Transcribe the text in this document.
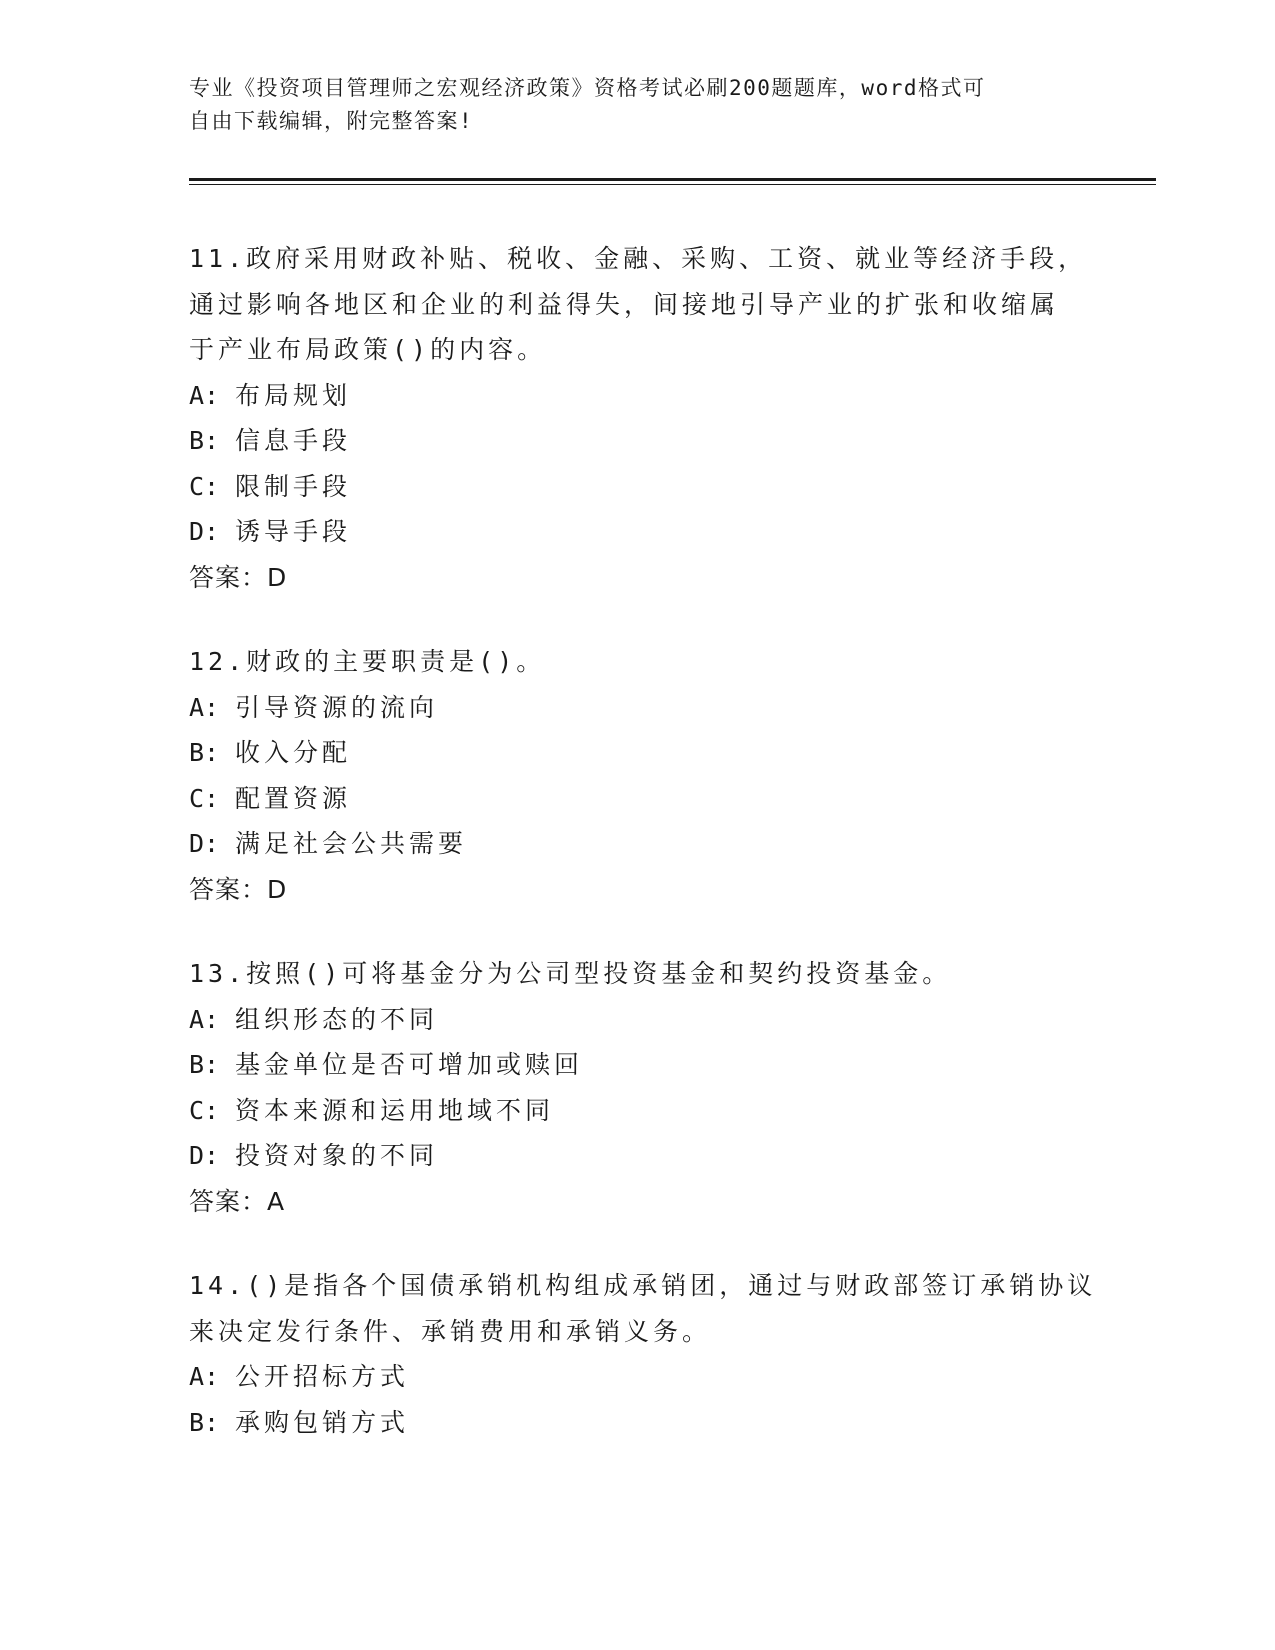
专业《投资项目管理师之宏观经济政策》资格考试必刷200题题库，word格式可

自由下载编辑，附完整答案!

11.政府采用财政补贴、税收、金融、采购、工资、就业等经济手段，

通过影响各地区和企业的利益得失，间接地引导产业的扩张和收缩属

于产业布局政策()的内容。

A: 布局规划

B: 信息手段

C: 限制手段

D: 诱导手段

答案：D

12.财政的主要职责是()。

A: 引导资源的流向

B: 收入分配

C: 配置资源

D: 满足社会公共需要

答案：D

13.按照()可将基金分为公司型投资基金和契约投资基金。

A: 组织形态的不同

B: 基金单位是否可增加或赎回

C: 资本来源和运用地域不同

D: 投资对象的不同

答案：A

14.()是指各个国债承销机构组成承销团，通过与财政部签订承销协议

来决定发行条件、承销费用和承销义务。

A: 公开招标方式

B: 承购包销方式
